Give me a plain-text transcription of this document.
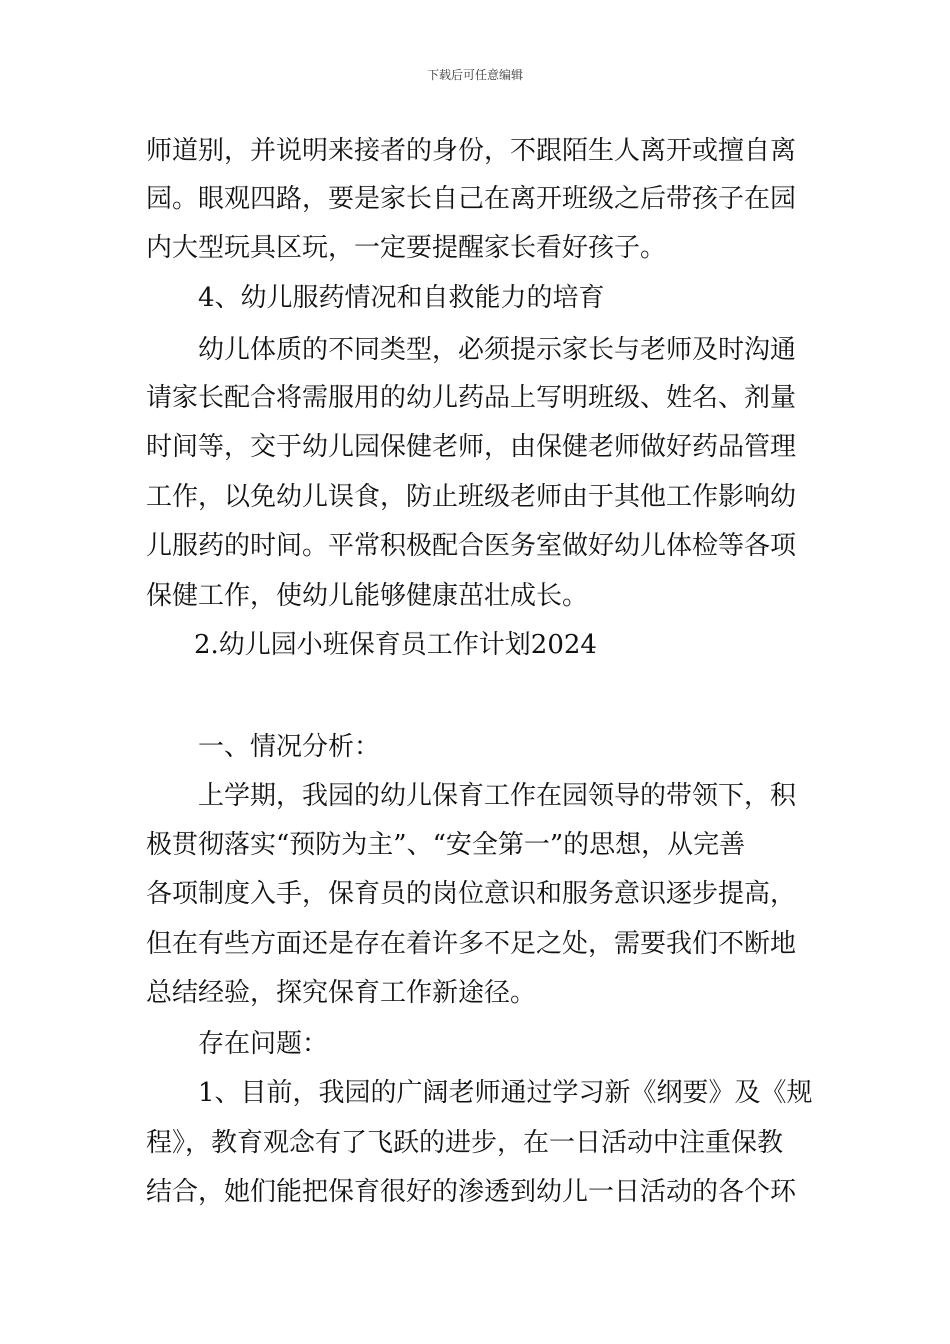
下载后可任意编辑
师道别，并说明来接者的身份，不跟陌生人离开或擅自离
园。眼观四路，要是家长自己在离开班级之后带孩子在园
内大型玩具区玩，一定要提醒家长看好孩子。
4、幼儿服药情况和自救能力的培育
幼儿体质的不同类型，必须提示家长与老师及时沟通
请家长配合将需服用的幼儿药品上写明班级、姓名、剂量
时间等，交于幼儿园保健老师，由保健老师做好药品管理
工作，以免幼儿误食，防止班级老师由于其他工作影响幼
儿服药的时间。平常积极配合医务室做好幼儿体检等各项
保健工作，使幼儿能够健康茁壮成长。
2.幼儿园小班保育员工作计划2024
一、情况分析：
上学期，我园的幼儿保育工作在园领导的带领下，积
极贯彻落实“预防为主”、“安全第一”的思想，从完善
各项制度入手，保育员的岗位意识和服务意识逐步提高，
但在有些方面还是存在着许多不足之处，需要我们不断地
总结经验，探究保育工作新途径。
存在问题：
1、目前，我园的广阔老师通过学习新《纲要》及《规
程》，教育观念有了飞跃的进步，在一日活动中注重保教
结合，她们能把保育很好的渗透到幼儿一日活动的各个环
